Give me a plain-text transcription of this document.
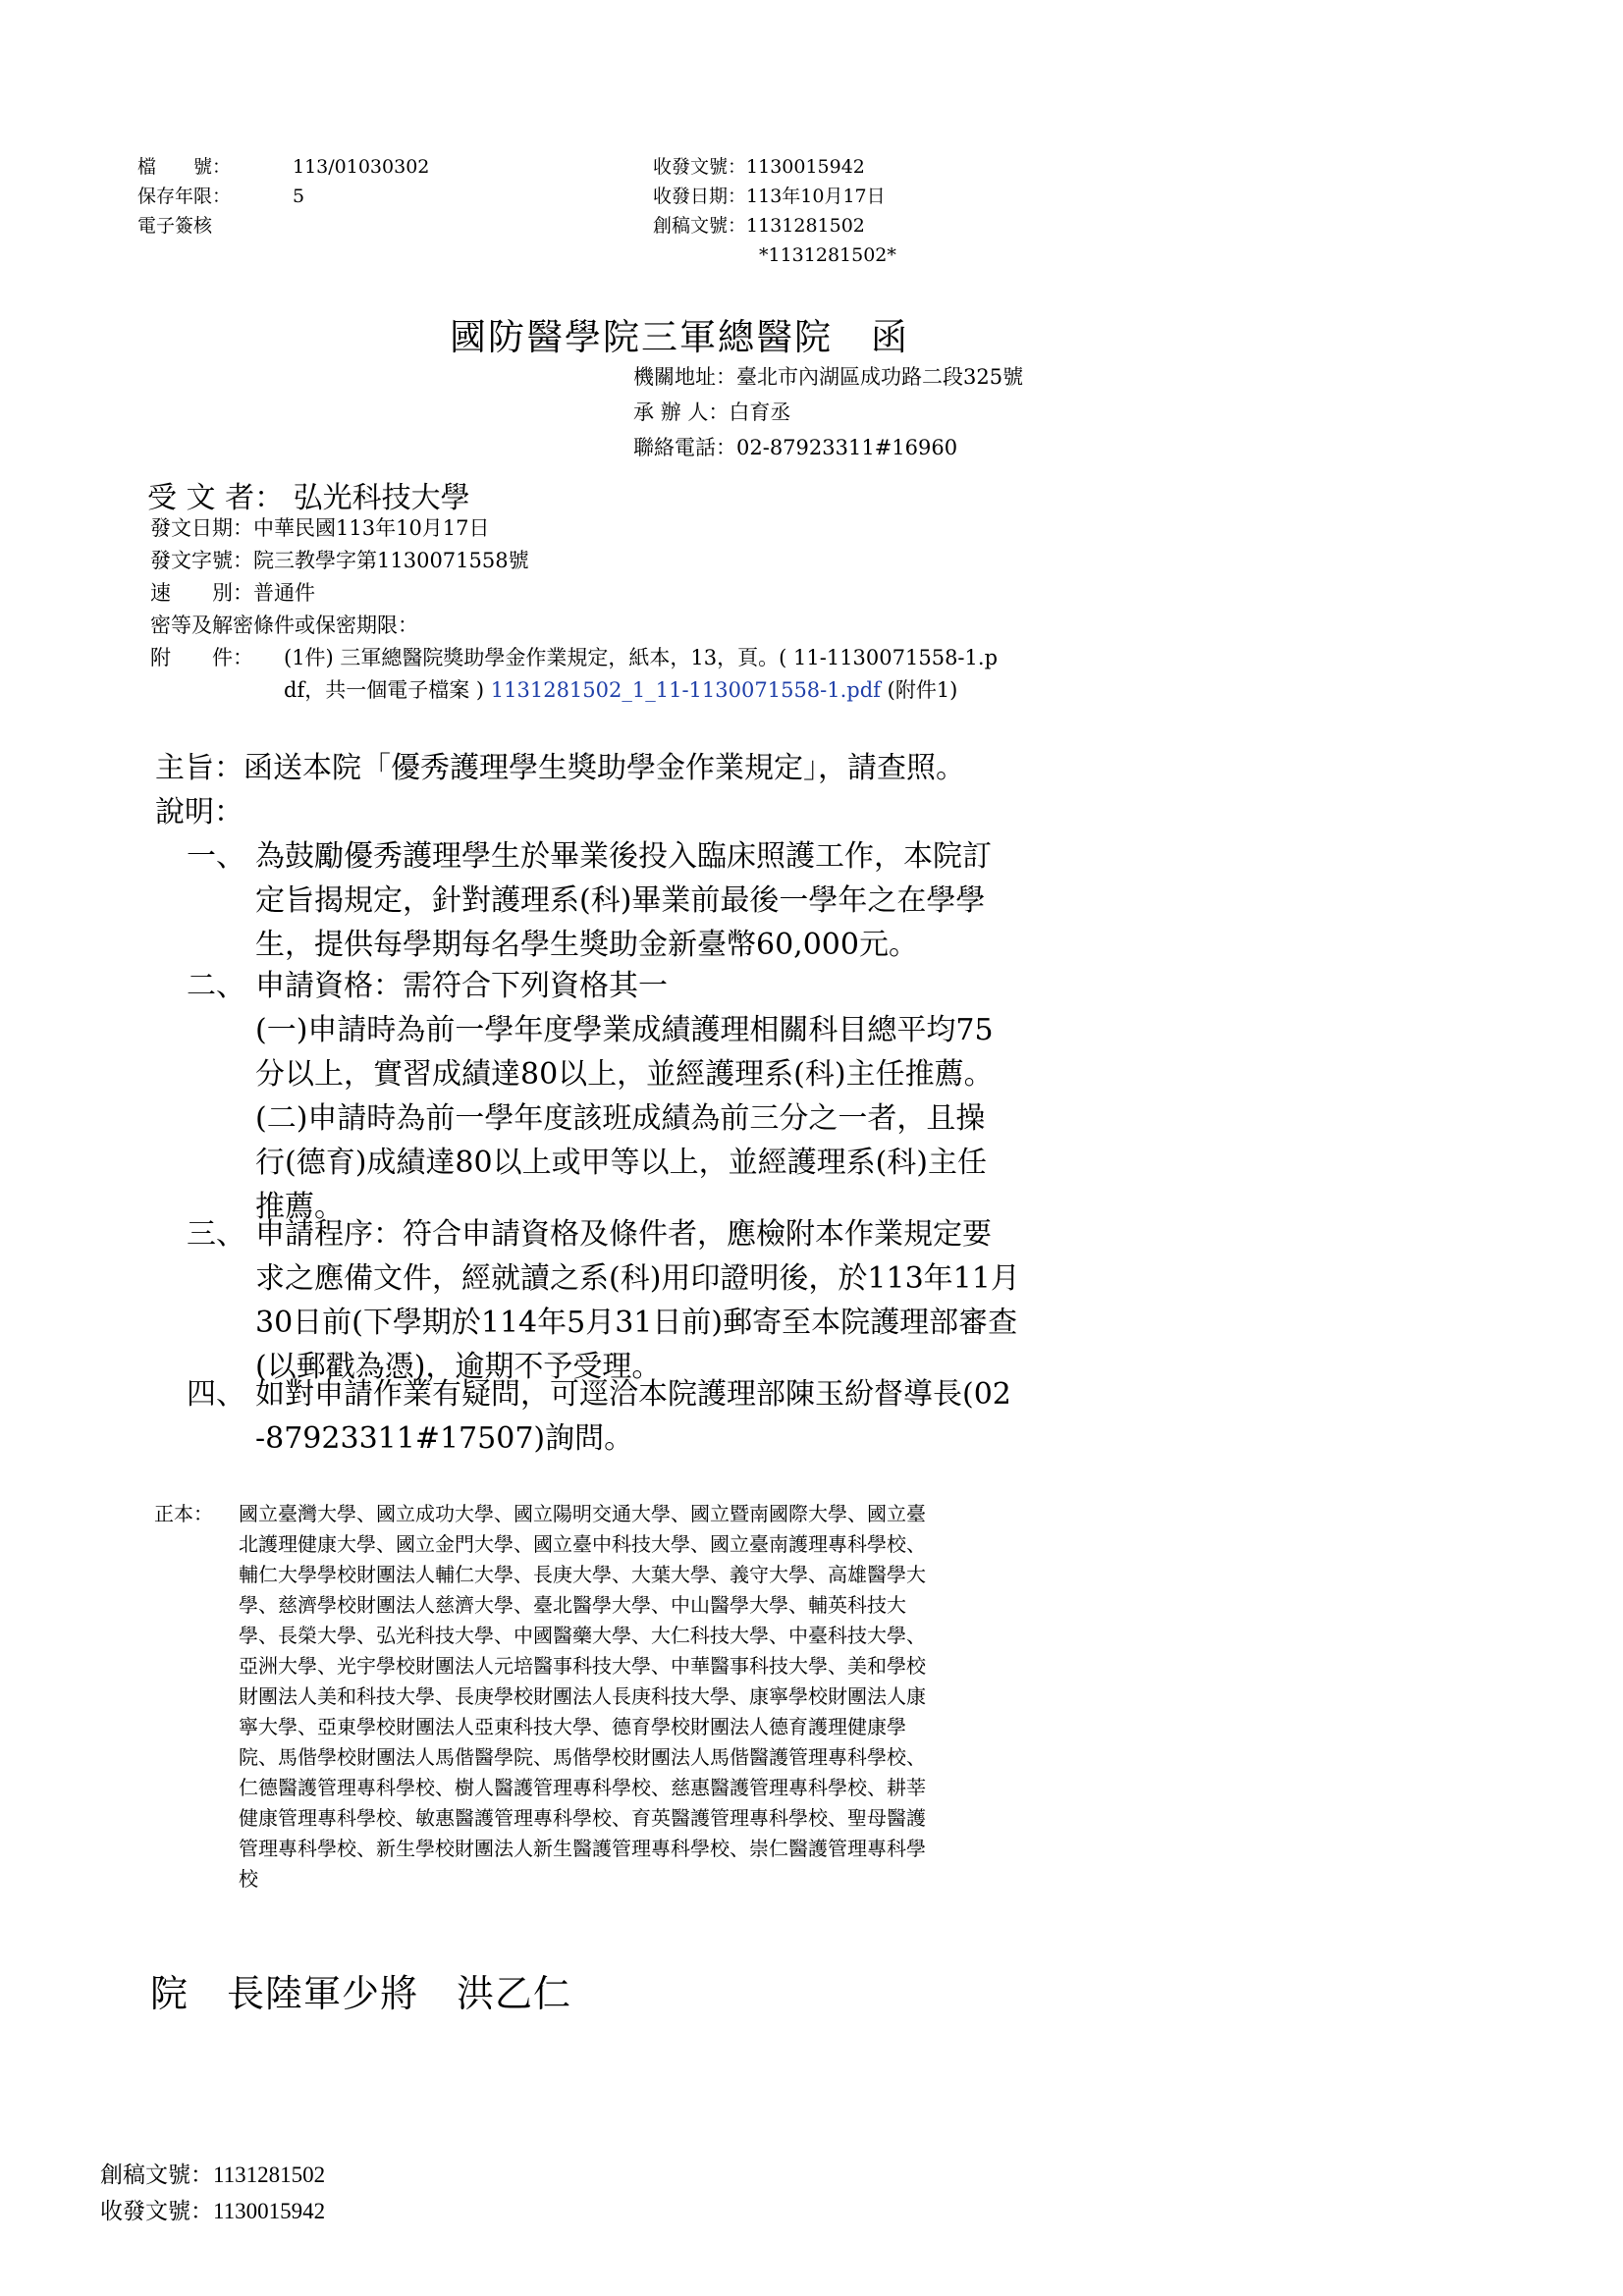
檔　　號：	113/01030302
保存年限：	5
電子簽核
收發文號：1130015942
收發日期：113年10月17日
創稿文號：1131281502
*1131281502*
國防醫學院三軍總醫院　函
機關地址：臺北市內湖區成功路二段325號
承 辦 人：白育丞
聯絡電話：02-87923311#16960
受 文 者： 弘光科技大學
發文日期：中華民國113年10月17日
發文字號：院三教學字第1130071558號
速　　別：普通件
密等及解密條件或保密期限：
附　　件： (1件) 三軍總醫院獎助學金作業規定，紙本，13，頁。( 11-1130071558-1.p
df，共一個電子檔案 ) 1131281502_1_11-1130071558-1.pdf (附件1)
主旨：函送本院「優秀護理學生獎助學金作業規定」，請查照。
說明：
一、 為鼓勵優秀護理學生於畢業後投入臨床照護工作，本院訂
定旨揭規定，針對護理系(科)畢業前最後一學年之在學學
生，提供每學期每名學生獎助金新臺幣60,000元。
二、 申請資格：需符合下列資格其一
(一)申請時為前一學年度學業成績護理相關科目總平均75
分以上，實習成績達80以上，並經護理系(科)主任推薦。
(二)申請時為前一學年度該班成績為前三分之一者，且操
行(德育)成績達80以上或甲等以上，並經護理系(科)主任
推薦。
三、 申請程序：符合申請資格及條件者，應檢附本作業規定要
求之應備文件，經就讀之系(科)用印證明後，於113年11月
30日前(下學期於114年5月31日前)郵寄至本院護理部審查
(以郵戳為憑)，逾期不予受理。
四、 如對申請作業有疑問，可逕洽本院護理部陳玉紛督導長(02
-87923311#17507)詢問。
正本： 國立臺灣大學、國立成功大學、國立陽明交通大學、國立暨南國際大學、國立臺
北護理健康大學、國立金門大學、國立臺中科技大學、國立臺南護理專科學校、
輔仁大學學校財團法人輔仁大學、長庚大學、大葉大學、義守大學、高雄醫學大
學、慈濟學校財團法人慈濟大學、臺北醫學大學、中山醫學大學、輔英科技大
學、長榮大學、弘光科技大學、中國醫藥大學、大仁科技大學、中臺科技大學、
亞洲大學、光宇學校財團法人元培醫事科技大學、中華醫事科技大學、美和學校
財團法人美和科技大學、長庚學校財團法人長庚科技大學、康寧學校財團法人康
寧大學、亞東學校財團法人亞東科技大學、德育學校財團法人德育護理健康學
院、馬偕學校財團法人馬偕醫學院、馬偕學校財團法人馬偕醫護管理專科學校、
仁德醫護管理專科學校、樹人醫護管理專科學校、慈惠醫護管理專科學校、耕莘
健康管理專科學校、敏惠醫護管理專科學校、育英醫護管理專科學校、聖母醫護
管理專科學校、新生學校財團法人新生醫護管理專科學校、崇仁醫護管理專科學
校
院　長陸軍少將　洪乙仁
創稿文號：1131281502
收發文號：1130015942
